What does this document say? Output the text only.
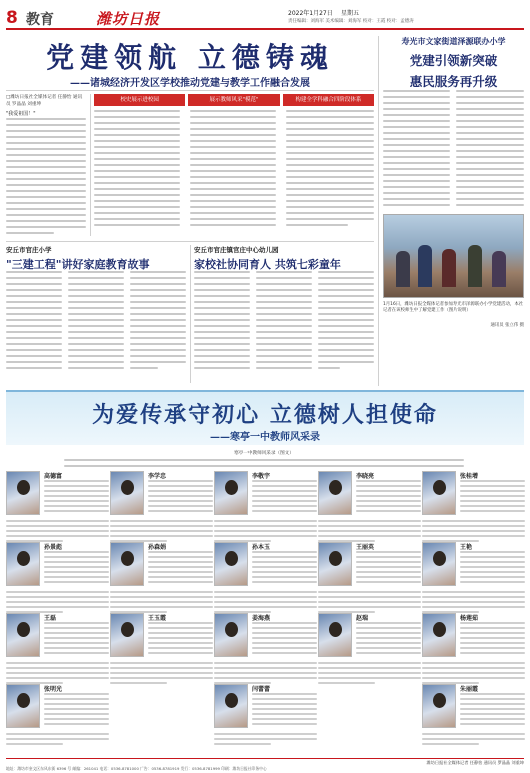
8 教育	潍坊日报	2022年1月27日 星期五
责任编辑：刘海军 美术编辑：刘海军 校对：王霞 校对：孟德涛
党建领航 立德铸魂
——诸城经济开发区学校推动党建与教学工作融合发展
□潍坊日报社全媒体记者 任静怡 通讯员 罗晶晶 刘重坤
"我爱祖国！"
校史展示进校园	展示教师风采"模范"	构建全学科融合四阶段体系
寿光市文家街道泽源联办小学
党建引领新突破
惠民服务再升级
1月16日，潍坊日报全媒体记者参加寿光市泽源联办小学党建活动，本社记者在该校师生中了解党建工作（图片说明）
通讯员 张立伟 摄
安丘市官庄小学
"三建工程"讲好家庭教育故事
安丘市官庄镇官庄中心幼儿园
家校社协同育人 共筑七彩童年
为爱传承守初心 立德树人担使命
——寒亭一中教师风采录
寒亭一中教师风采录（图文）
高德富	李学忠	李敬宇	李晓亮	张桂增
孙景彪	孙森娟	孙本玉	王丽英	王艳
王磊	王玉霞	姜海燕	赵瑞	杨莲茹
张明光	闫蕾蕾	朱丽霞
潍坊日报社全媒体记者 任静怡 通讯员 罗晶晶 刘重坤
地址：潍坊市奎文区东风东街 6396 号 邮编：261041 电话：0536-8781000 广告：0536-8781919 发行：0536-8781999 印刷：潍坊日报社印务中心
